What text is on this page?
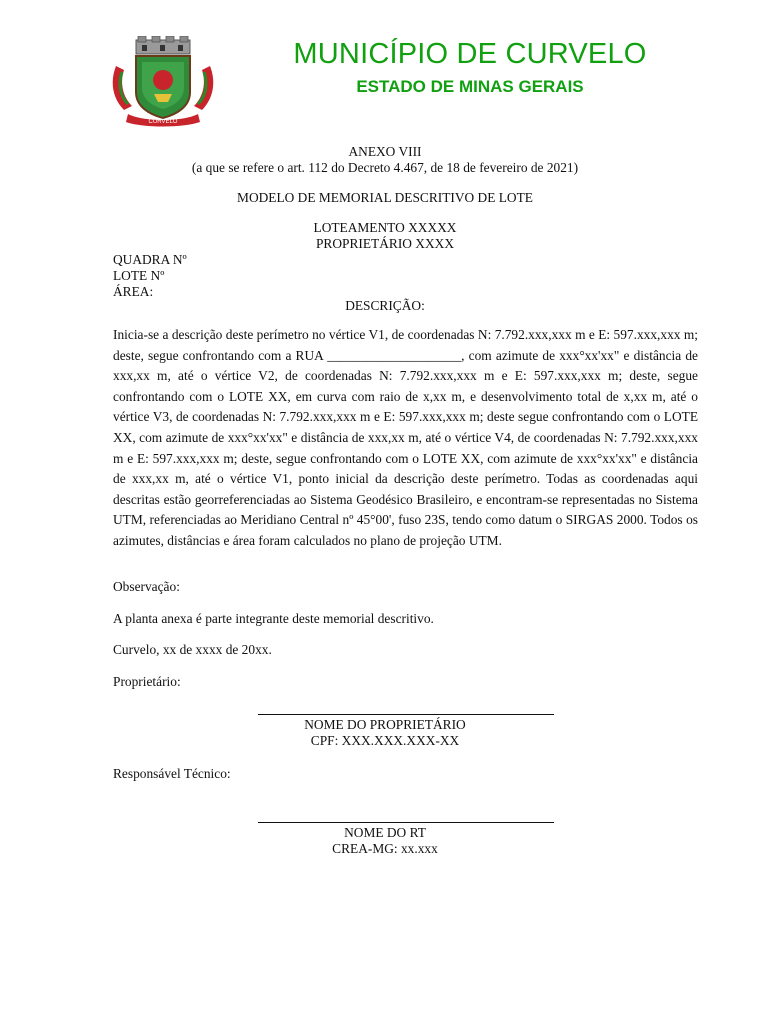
CURVELO
MUNICÍPIO DE CURVELO
ESTADO DE MINAS GERAIS
ANEXO VIII
(a que se refere o art. 112 do Decreto 4.467, de 18 de fevereiro de 2021)
MODELO DE MEMORIAL DESCRITIVO DE LOTE
LOTEAMENTO XXXXX
PROPRIETÁRIO XXXX
QUADRA Nº
LOTE Nº
ÁREA:
DESCRIÇÃO:
Inicia-se a descrição deste perímetro no vértice V1, de coordenadas N: 7.792.xxx,xxx m e E: 597.xxx,xxx m; deste, segue confrontando com a RUA ____________________, com azimute de xxx°xx'xx" e distância de xxx,xx m, até o vértice V2, de coordenadas N: 7.792.xxx,xxx m e E: 597.xxx,xxx m; deste, segue confrontando com o LOTE XX, em curva com raio de x,xx m, e desenvolvimento total de x,xx m, até o vértice V3, de coordenadas N: 7.792.xxx,xxx m e E: 597.xxx,xxx m; deste segue confrontando com o LOTE XX, com azimute de xxx°xx'xx" e distância de xxx,xx m, até o vértice V4, de coordenadas N: 7.792.xxx,xxx m e E: 597.xxx,xxx m; deste, segue confrontando com o LOTE XX, com azimute de xxx°xx'xx" e distância de xxx,xx m, até o vértice V1, ponto inicial da descrição deste perímetro. Todas as coordenadas aqui descritas estão georreferenciadas ao Sistema Geodésico Brasileiro, e encontram-se representadas no Sistema UTM, referenciadas ao Meridiano Central nº 45°00', fuso 23S, tendo como datum o SIRGAS 2000. Todos os azimutes, distâncias e área foram calculados no plano de projeção UTM.
Observação:
A planta anexa é parte integrante deste memorial descritivo.
Curvelo, xx de xxxx de 20xx.
Proprietário:
NOME DO PROPRIETÁRIO
CPF: XXX.XXX.XXX-XX
Responsável Técnico:
NOME DO RT
CREA-MG: xx.xxx
